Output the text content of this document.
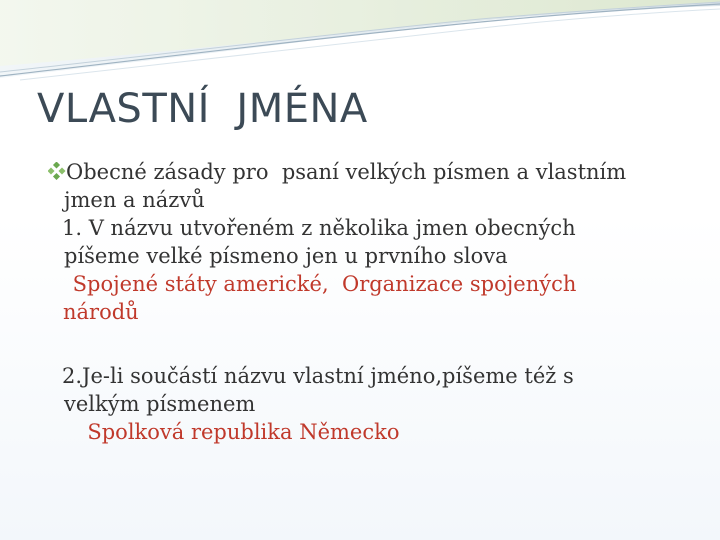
VLASTNÍ  JMÉNA
Obecné zásady pro  psaní velkých písmen a vlastním
jmen a názvů
1. V názvu utvořeném z několika jmen obecných
píšeme velké písmeno jen u prvního slova
Spojené státy americké,  Organizace spojených
národů
2.Je-li součástí názvu vlastní jméno,píšeme též s
velkým písmenem
Spolková republika Německo
